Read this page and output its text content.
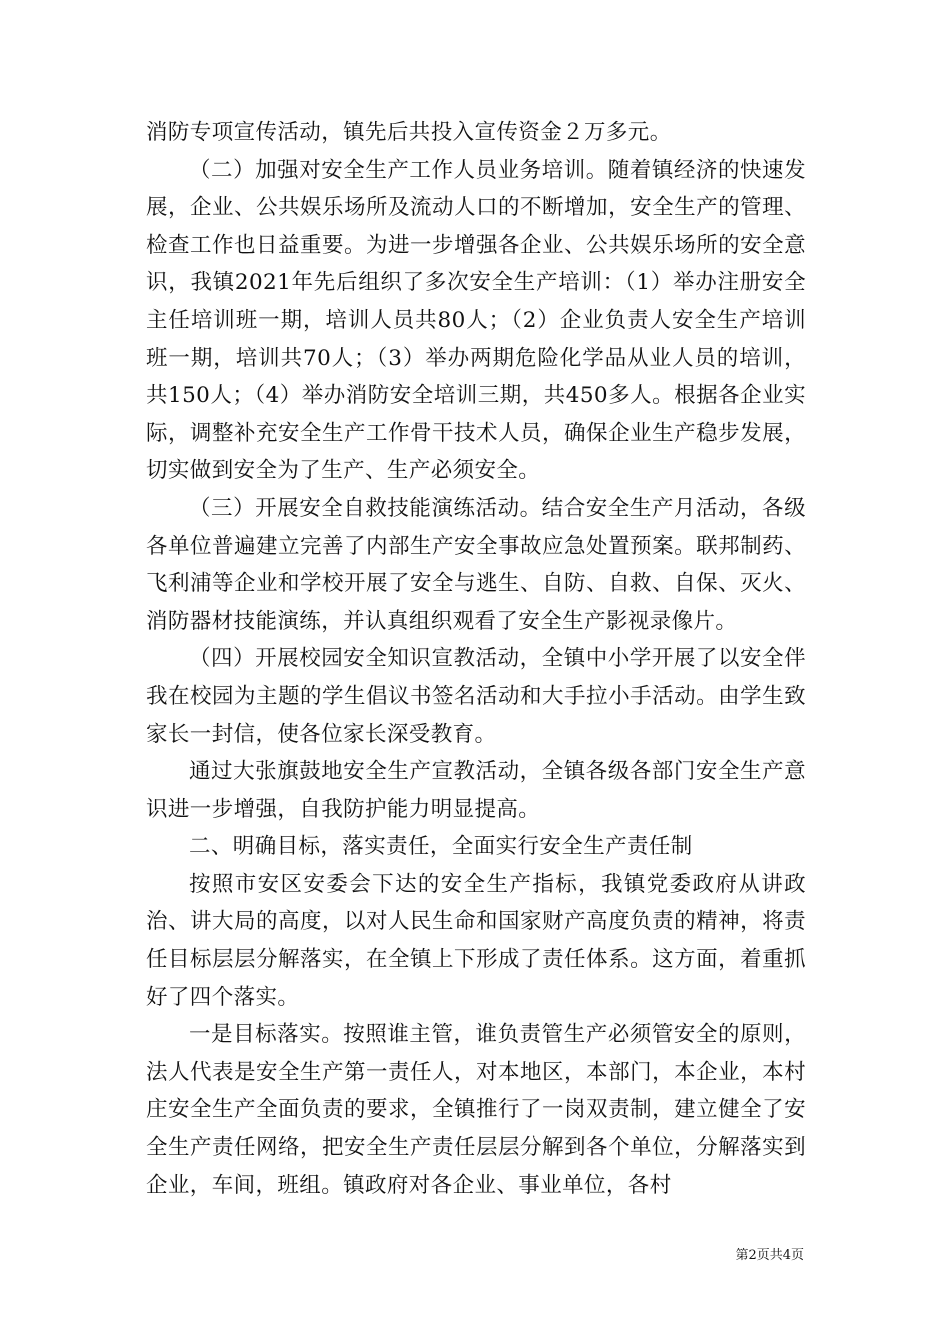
消防专项宣传活动，镇先后共投入宣传资金２万多元。

（二）加强对安全生产工作人员业务培训。随着镇经济的快速发展，企业、公共娱乐场所及流动人口的不断增加，安全生产的管理、检查工作也日益重要。为进一步增强各企业、公共娱乐场所的安全意识，我镇2021年先后组织了多次安全生产培训：（1）举办注册安全主任培训班一期，培训人员共80人；（2）企业负责人安全生产培训班一期，培训共70人；（3）举办两期危险化学品从业人员的培训，共150人；（4）举办消防安全培训三期，共450多人。根据各企业实际，调整补充安全生产工作骨干技术人员，确保企业生产稳步发展，切实做到安全为了生产、生产必须安全。

（三）开展安全自救技能演练活动。结合安全生产月活动，各级各单位普遍建立完善了内部生产安全事故应急处置预案。联邦制药、飞利浦等企业和学校开展了安全与逃生、自防、自救、自保、灭火、消防器材技能演练，并认真组织观看了安全生产影视录像片。

（四）开展校园安全知识宣教活动，全镇中小学开展了以安全伴我在校园为主题的学生倡议书签名活动和大手拉小手活动。由学生致家长一封信，使各位家长深受教育。

通过大张旗鼓地安全生产宣教活动，全镇各级各部门安全生产意识进一步增强，自我防护能力明显提高。

二、明确目标，落实责任，全面实行安全生产责任制

按照市安区安委会下达的安全生产指标，我镇党委政府从讲政治、讲大局的高度，以对人民生命和国家财产高度负责的精神，将责任目标层层分解落实，在全镇上下形成了责任体系。这方面，着重抓好了四个落实。

一是目标落实。按照谁主管，谁负责管生产必须管安全的原则，法人代表是安全生产第一责任人，对本地区，本部门，本企业，本村庄安全生产全面负责的要求，全镇推行了一岗双责制，建立健全了安全生产责任网络，把安全生产责任层层分解到各个单位，分解落实到企业，车间，班组。镇政府对各企业、事业单位，各村

第2页共4页
